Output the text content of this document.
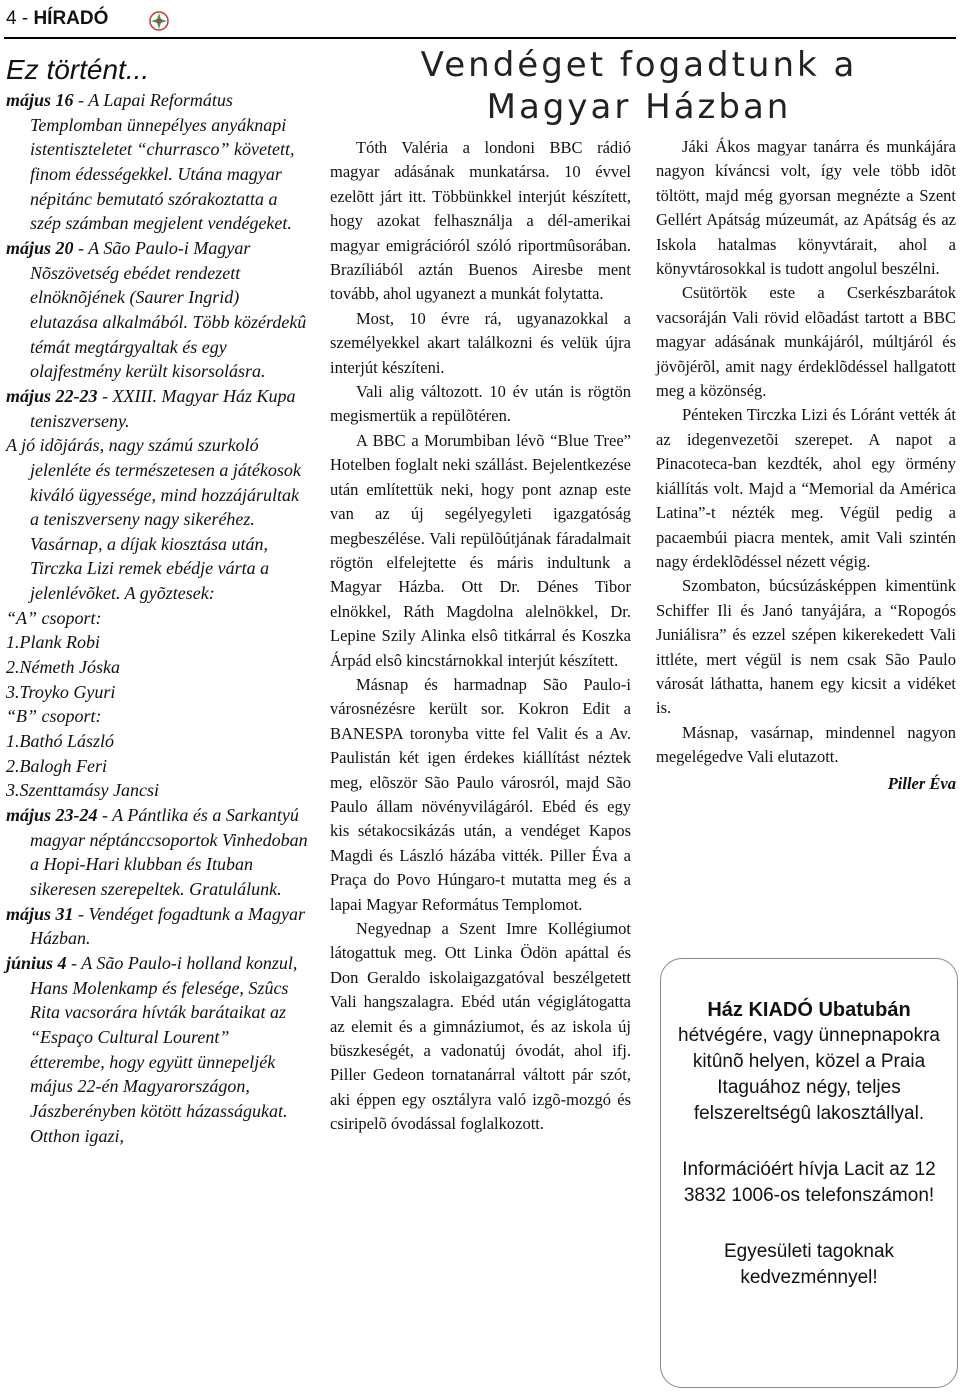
4 - HÍRADÓ
Ez történt...

május 16 - A Lapai Református Templomban ünnepélyes anyáknapi istentiszteletet “churrasco” követett, finom édességekkel. Utána magyar népitánc bemutató szórakoztatta a szép számban megjelent vendégeket.

május 20 - A São Paulo-i Magyar Nõszövetség ebédet rendezett elnöknõjének (Saurer Ingrid) elutazása alkalmából. Több közérdekû témát megtárgyaltak és egy olajfestmény került kisorsolásra.

május 22-23 - XXIII. Magyar Ház Kupa teniszverseny.

A jó idõjárás, nagy számú szurkoló jelenléte és természetesen a játékosok kiváló ügyessége, mind hozzájárultak a teniszverseny nagy sikeréhez. Vasárnap, a díjak kiosztása után, Tirczka Lizi remek ebédje várta a jelenlévõket. A gyõztesek:

“A” csoport:

1.Plank Robi

2.Németh Jóska

3.Troyko Gyuri

“B” csoport:

1.Bathó László

2.Balogh Feri

3.Szenttamásy Jancsi

május 23-24 - A Pántlika és a Sarkantyú magyar néptánccsoportok Vinhedoban a Hopi-Hari klubban és Ituban sikeresen szerepeltek. Gratulálunk.

május 31 - Vendéget fogadtunk a Magyar Házban.

június 4 - A São Paulo-i holland konzul, Hans Molenkamp és felesége, Szûcs Rita vacsorára hívták barátaikat az “Espaço Cultural Lourent” étterembe, hogy együtt ünnepeljék május 22-én Magyarországon, Jászberényben kötött házasságukat. Otthon igazi,

Vendéget fogadtunk a
Magyar Házban

Tóth Valéria a londoni BBC rádió magyar adásának munkatársa. 10 évvel ezelõtt járt itt. Többünkkel interjút készített, hogy azokat felhasználja a dél-amerikai magyar emigrációról szóló riportmûsorában. Brazíliából aztán Buenos Airesbe ment tovább, ahol ugyanezt a munkát folytatta.

Most, 10 évre rá, ugyanazokkal a személyekkel akart találkozni és velük újra interjút készíteni.

Vali alig változott. 10 év után is rögtön megismertük a repülõtéren.

A BBC a Morumbiban lévõ “Blue Tree” Hotelben foglalt neki szállást. Bejelentkezése után említettük neki, hogy pont aznap este van az új segélyegyleti igazgatóság megbeszélése. Vali repülõútjának fáradalmait rögtön elfelejtette és máris indultunk a Magyar Házba. Ott Dr. Dénes Tibor elnökkel, Ráth Magdolna alelnökkel, Dr. Lepine Szily Alinka elsô titkárral és Koszka Árpád elsô kincstárnokkal interjút készített.

Másnap és harmadnap São Paulo-i városnézésre került sor. Kokron Edit a BANESPA toronyba vitte fel Valit és a Av. Paulistán két igen érdekes kiállítást néztek meg, elõször São Paulo városról, majd São Paulo állam növényvilágáról. Ebéd és egy kis sétakocsikázás után, a vendéget Kapos Magdi és László házába vitték. Piller Éva a Praça do Povo Húngaro-t mutatta meg és a lapai Magyar Református Templomot.

Negyednap a Szent Imre Kollégiumot látogattuk meg. Ott Linka Ödön apáttal és Don Geraldo iskolaigazgatóval beszélgetett Vali hangszalagra. Ebéd után végiglátogatta az elemit és a gimnáziumot, és az iskola új büszkeségét, a vadonatúj óvodát, ahol ifj. Piller Gedeon tornatanárral váltott pár szót, aki éppen egy osztályra való izgõ-mozgó és csiripelõ óvodással foglalkozott.

Jáki Ákos magyar tanárra és munkájára nagyon kíváncsi volt, így vele több idõt töltött, majd még gyorsan megnézte a Szent Gellért Apátság múzeumát, az Apátság és az Iskola hatalmas könyvtárait, ahol a könyvtárosokkal is tudott angolul beszélni.

Csütörtök este a Cserkészbarátok vacsoráján Vali rövid elõadást tartott a BBC magyar adásának munkájáról, múltjáról és jövõjérõl, amit nagy érdeklõdéssel hallgatott meg a közönség.

Pénteken Tirczka Lizi és Lóránt vették át az idegenvezetõi szerepet. A napot a Pinacoteca-ban kezdték, ahol egy örmény kiállítás volt. Majd a “Memorial da América Latina”-t nézték meg. Végül pedig a pacaembúi piacra mentek, amit Vali szintén nagy érdeklõdéssel nézett végig.

Szombaton, búcsúzásképpen kimentünk Schiffer Ili és Janó tanyájára, a “Ropogós Juniálisra” és ezzel szépen kikerekedett Vali ittléte, mert végül is nem csak São Paulo városát láthatta, hanem egy kicsit a vidéket is.

Másnap, vasárnap, mindennel nagyon megelégedve Vali elutazott.

Piller Éva

Ház KIADÓ Ubatubán
hétvégére, vagy ünnepnapokra kitûnõ helyen, közel a Praia Itaguához négy, teljes felszereltségû lakosztállyal.
Információért hívja Lacit az 12 3832 1006-os telefonszámon!
Egyesületi tagoknak kedvezménnyel!
